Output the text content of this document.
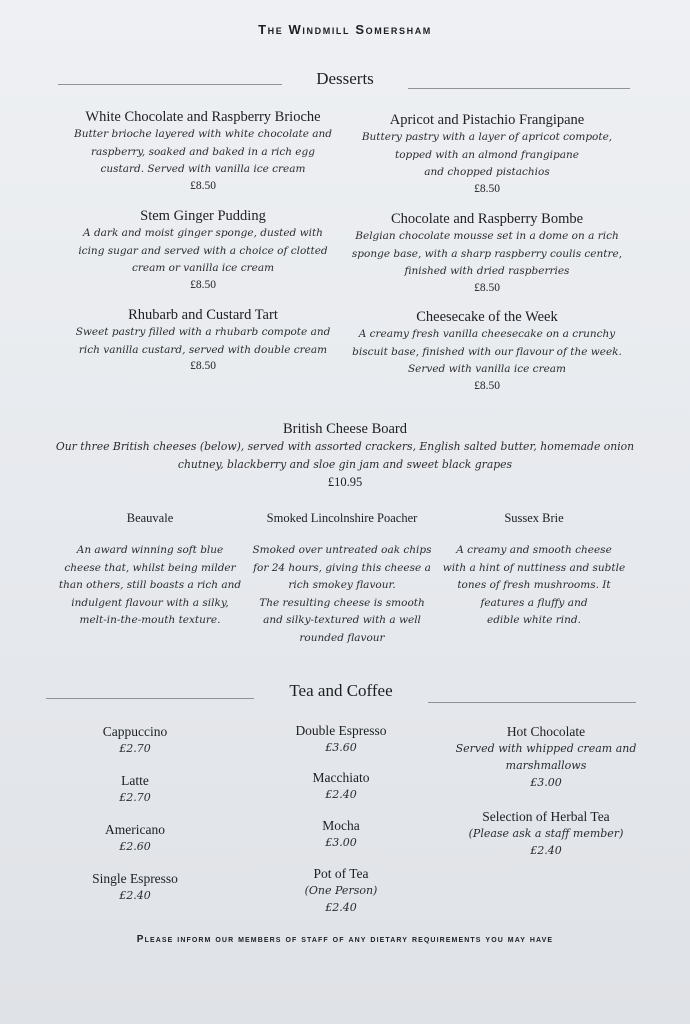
The Windmill Somersham
Desserts
White Chocolate and Raspberry Brioche
Butter brioche layered with white chocolate and
raspberry, soaked and baked in a rich egg
custard. Served with vanilla ice cream
£8.50
Apricot and Pistachio Frangipane
Buttery pastry with a layer of apricot compote,
topped with an almond frangipane
and chopped pistachios
£8.50
Stem Ginger Pudding
A dark and moist ginger sponge, dusted with
icing sugar and served with a choice of clotted
cream or vanilla ice cream
£8.50
Chocolate and Raspberry Bombe
Belgian chocolate mousse set in a dome on a rich
sponge base, with a sharp raspberry coulis centre,
finished with dried raspberries
£8.50
Rhubarb and Custard Tart
Sweet pastry filled with a rhubarb compote and
rich vanilla custard, served with double cream
£8.50
Cheesecake of the Week
A creamy fresh vanilla cheesecake on a crunchy
biscuit base, finished with our flavour of the week.
Served with vanilla ice cream
£8.50
British Cheese Board
Our three British cheeses (below), served with assorted crackers, English salted butter, homemade onion
chutney, blackberry and sloe gin jam and sweet black grapes
£10.95
Beauvale
An award winning soft blue
cheese that, whilst being milder
than others, still boasts a rich and
indulgent flavour with a silky,
melt-in-the-mouth texture.
Smoked Lincolnshire Poacher
Smoked over untreated oak chips
for 24 hours, giving this cheese a
rich smokey flavour.
The resulting cheese is smooth
and silky-textured with a well
rounded flavour
Sussex Brie
A creamy and smooth cheese
with a hint of nuttiness and subtle
tones of fresh mushrooms. It
features a fluffy and
edible white rind.
Tea and Coffee
Cappuccino
£2.70
Latte
£2.70
Americano
£2.60
Single Espresso
£2.40
Double Espresso
£3.60
Macchiato
£2.40
Mocha
£3.00
Pot of Tea
(One Person)
£2.40
Hot Chocolate
Served with whipped cream and
marshmallows
£3.00
Selection of Herbal Tea
(Please ask a staff member)
£2.40
Please inform our members of staff of any dietary requirements you may have
